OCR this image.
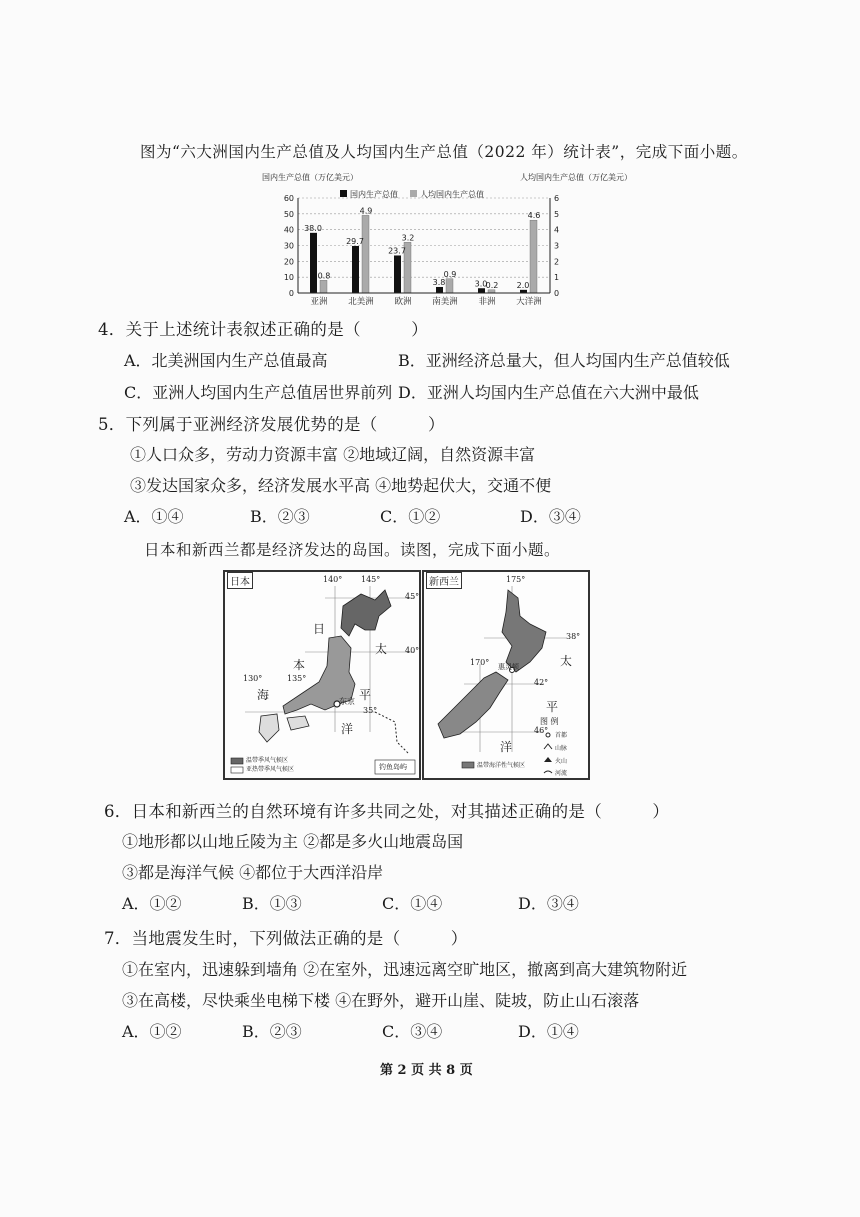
图为“六大洲国内生产总值及人均国内生产总值（2022 年）统计表”，完成下面小题。
国内生产总值（万亿美元）	人均国内生产总值（万亿美元）
38.0
0.8
29.7
4.9
23.7
3.2
3.8
0.9
3.0
0.2 2.0
4.6
0
10
20
30
40
50
60
0
1
2
3
4
5
6
亚洲 北美洲 欧洲 南美洲 非洲 大洋洲
国内生产总值	人均国内生产总值
4．关于上述统计表叙述正确的是（　　　）
A．北美洲国内生产总值最高	B．亚洲经济总量大，但人均国内生产总值较低
C．亚洲人均国内生产总值居世界前列 D．亚洲人均国内生产总值在六大洲中最低
5．下列属于亚洲经济发展优势的是（　　　）
①人口众多，劳动力资源丰富 ②地域辽阔，自然资源丰富
③发达国家众多，经济发展水平高 ④地势起伏大，交通不便
A．①④	B．②③	C．①②	D．③④
日本和新西兰都是经济发达的岛国。读图，完成下面小题。
日本	140° 145°
45°
40°
35°
130°	135°
日
本
海
太
平
洋
东京
温带季风气候区
亚热带季风气候区	钓鱼岛屿
新西兰	175°
38°
42°
46°
170° 惠灵顿	太
平
洋
图 例
首都
山脉
火山
河流
温带海洋性气候区
6．日本和新西兰的自然环境有许多共同之处，对其描述正确的是（　　　）
①地形都以山地丘陵为主 ②都是多火山地震岛国
③都是海洋气候 ④都位于大西洋沿岸
A．①②	B．①③	C．①④	D．③④
7．当地震发生时，下列做法正确的是（　　　）
①在室内，迅速躲到墙角 ②在室外，迅速远离空旷地区，撤离到高大建筑物附近
③在高楼，尽快乘坐电梯下楼 ④在野外，避开山崖、陡坡，防止山石滚落
A．①②	B．②③	C．③④	D．①④
第 2 页 共 8 页
